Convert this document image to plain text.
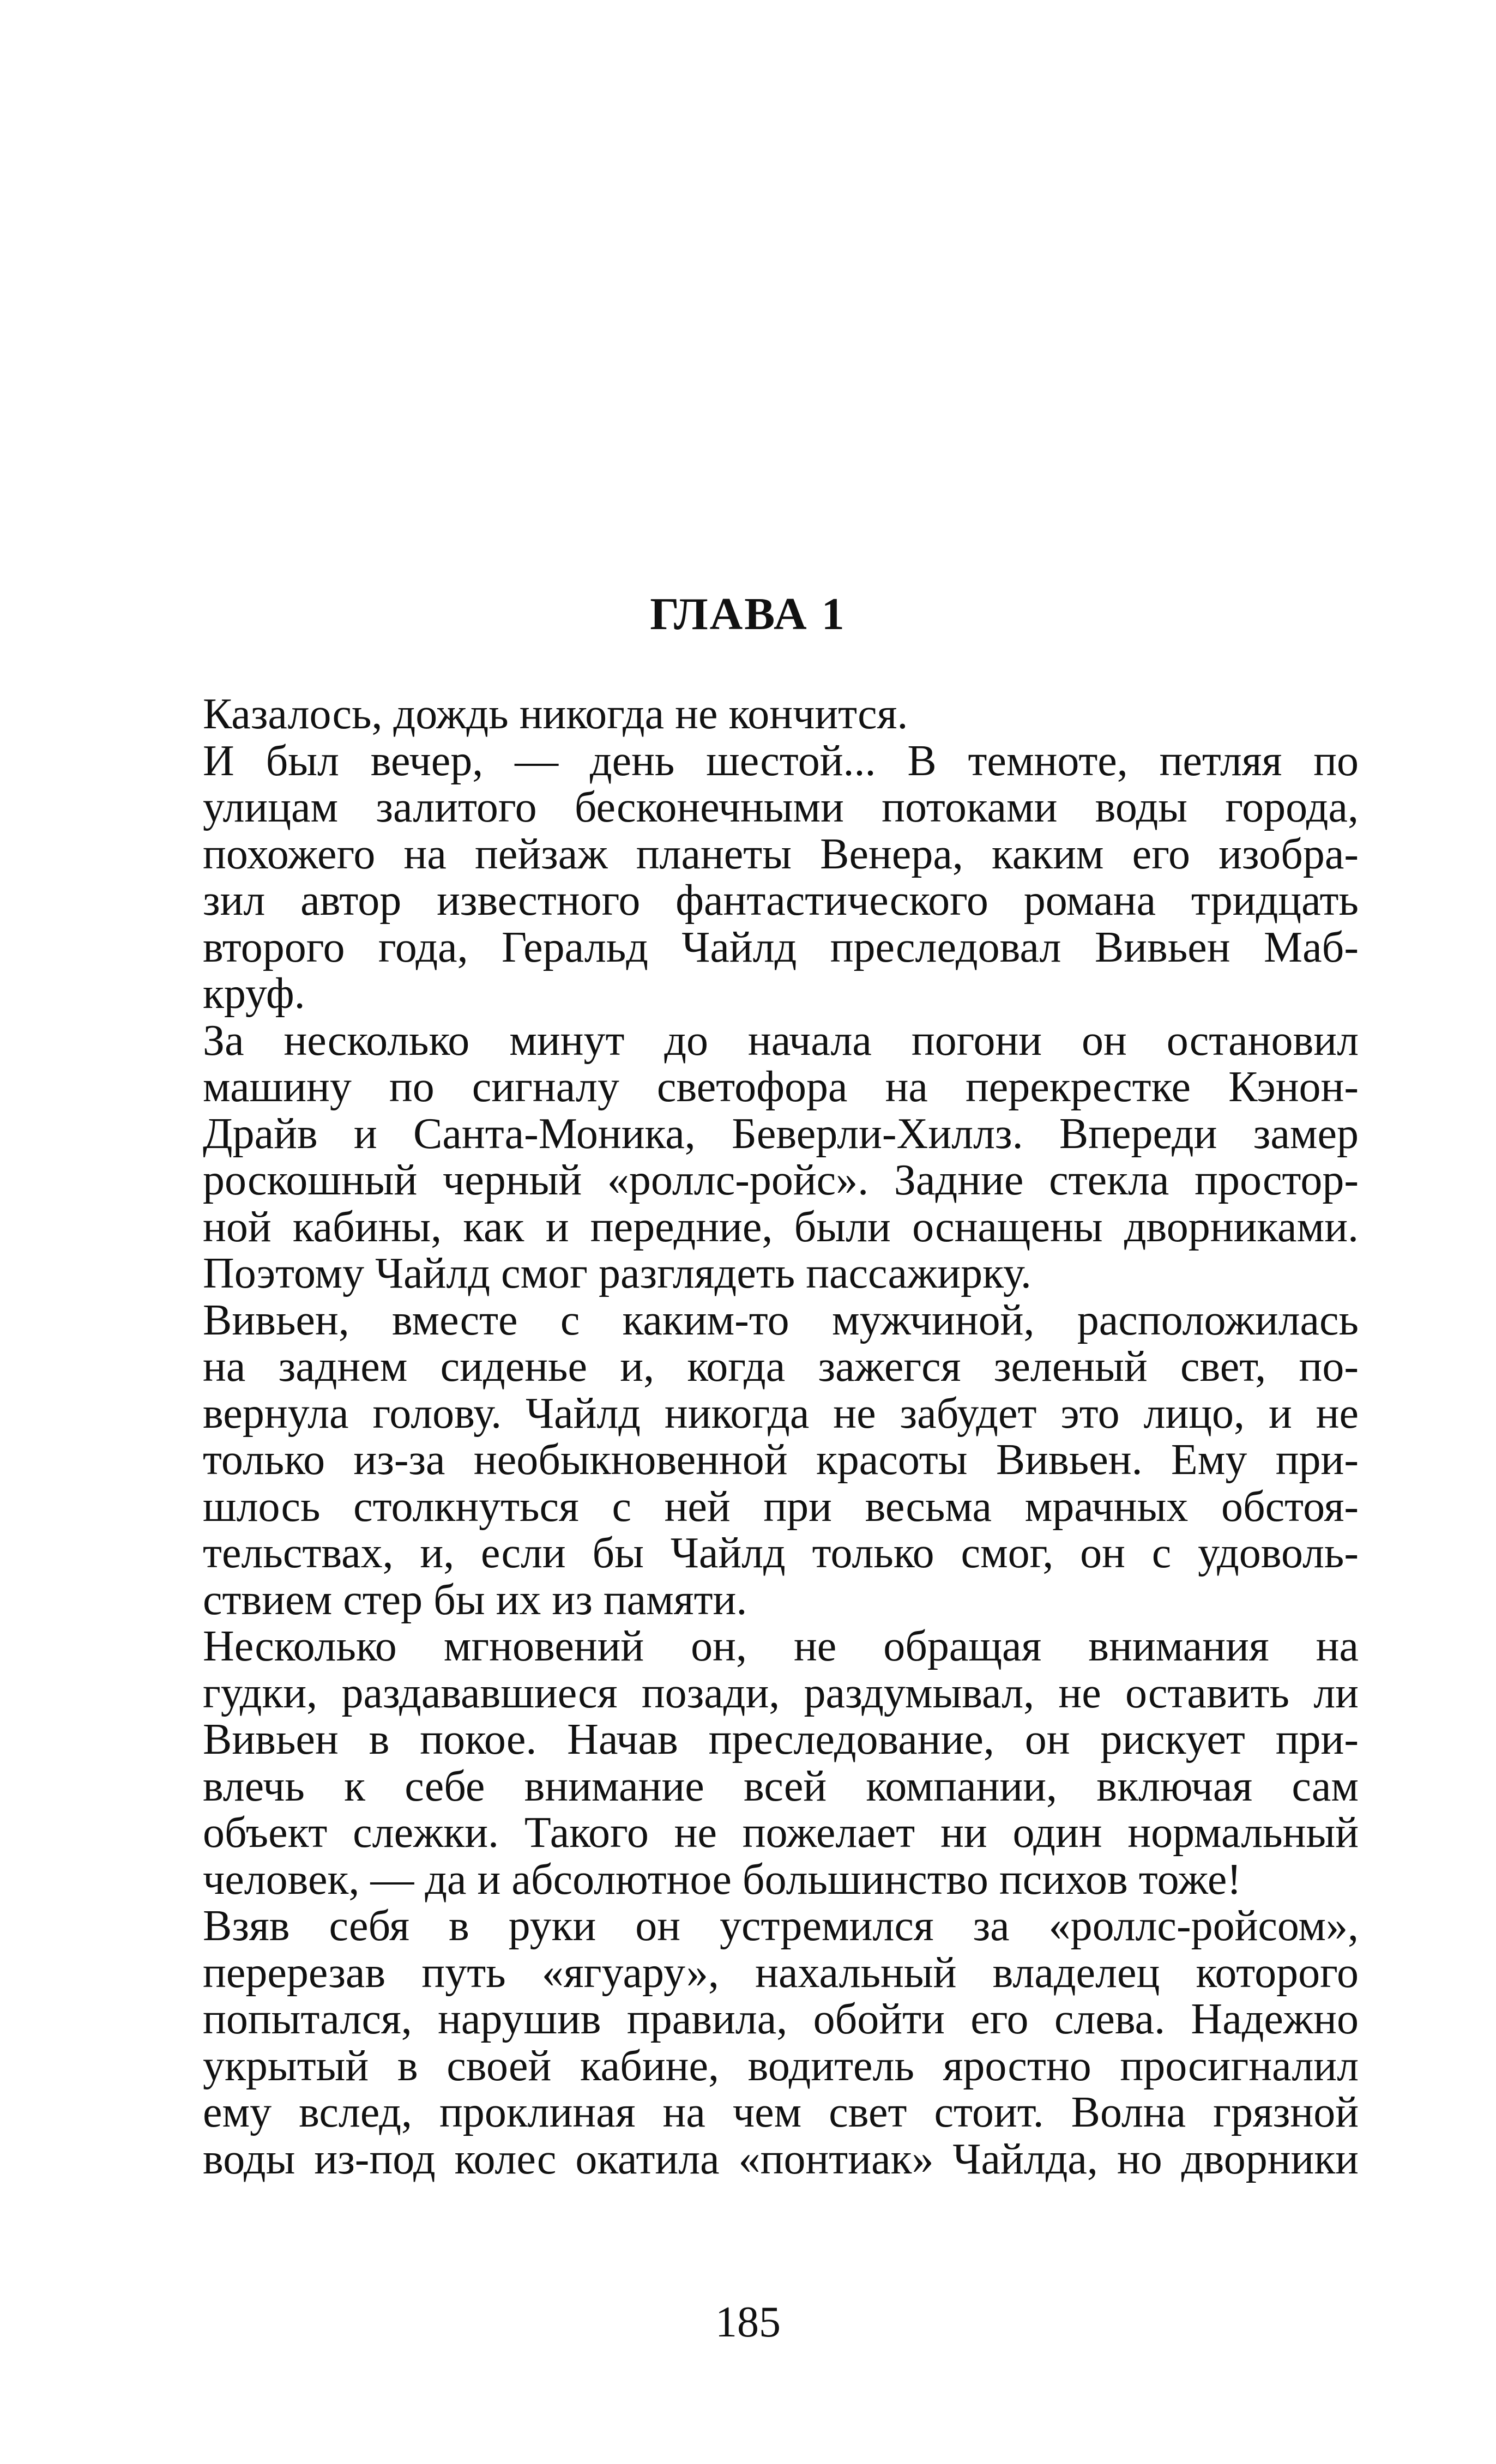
ГЛАВА 1

Казалось, дождь никогда не кончится.

И был вечер, — день шестой... В темноте, петляя по
улицам залитого бесконечными потоками воды города,
похожего на пейзаж планеты Венера, каким его изобра-
зил автор известного фантастического романа тридцать
второго года, Геральд Чайлд преследовал Вивьен Маб-
круф.

За несколько минут до начала погони он остановил
машину по сигналу светофора на перекрестке Кэнон-
Драйв и Санта-Моника, Беверли-Хиллз. Впереди замер
роскошный черный «роллс-ройс». Задние стекла простор-
ной кабины, как и передние, были оснащены дворниками.
Поэтому Чайлд смог разглядеть пассажирку.

Вивьен, вместе с каким-то мужчиной, расположилась
на заднем сиденье и, когда зажегся зеленый свет, по-
вернула голову. Чайлд никогда не забудет это лицо, и не
только из-за необыкновенной красоты Вивьен. Ему при-
шлось столкнуться с ней при весьма мрачных обстоя-
тельствах, и, если бы Чайлд только смог, он с удоволь-
ствием стер бы их из памяти.

Несколько мгновений он, не обращая внимания на
гудки, раздававшиеся позади, раздумывал, не оставить ли
Вивьен в покое. Начав преследование, он рискует при-
влечь к себе внимание всей компании, включая сам
объект слежки. Такого не пожелает ни один нормальный
человек, — да и абсолютное большинство психов тоже!

Взяв себя в руки он устремился за «роллс-ройсом»,
перерезав путь «ягуару», нахальный владелец которого
попытался, нарушив правила, обойти его слева. Надежно
укрытый в своей кабине, водитель яростно просигналил
ему вслед, проклиная на чем свет стоит. Волна грязной
воды из-под колес окатила «понтиак» Чайлда, но дворники

185
